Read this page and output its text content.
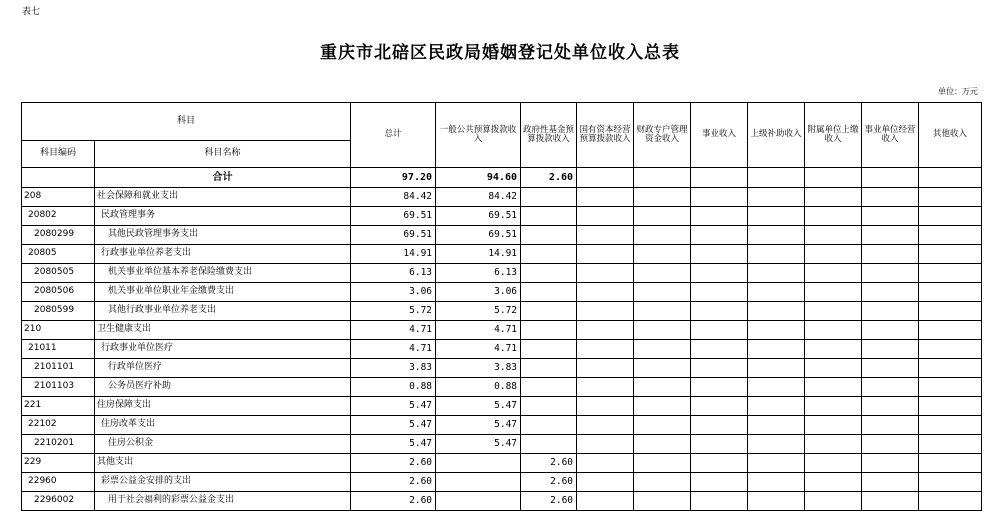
表七
重庆市北碚区民政局婚姻登记处单位收入总表
单位：万元
科目		总计	一般公共预算拨款收入	政府性基金预算拨款收入	国有资本经营预算拨款收入	财政专户管理资金收入	事业收入	上级补助收入	附属单位上缴收入	事业单位经营收入	其他收入
科目编码	科目名称										
	合计	97.20	94.60	2.60							
208	社会保障和就业支出	84.42	84.42								
20802	民政管理事务	69.51	69.51								
2080299	其他民政管理事务支出	69.51	69.51								
20805	行政事业单位养老支出	14.91	14.91								
2080505	机关事业单位基本养老保险缴费支出	6.13	6.13								
2080506	机关事业单位职业年金缴费支出	3.06	3.06								
2080599	其他行政事业单位养老支出	5.72	5.72								
210	卫生健康支出	4.71	4.71								
21011	行政事业单位医疗	4.71	4.71								
2101101	行政单位医疗	3.83	3.83								
2101103	公务员医疗补助	0.88	0.88								
221	住房保障支出	5.47	5.47								
22102	住房改革支出	5.47	5.47								
2210201	住房公积金	5.47	5.47								
229	其他支出	2.60		2.60							
22960	彩票公益金安排的支出	2.60		2.60							
2296002	用于社会福利的彩票公益金支出	2.60		2.60							
